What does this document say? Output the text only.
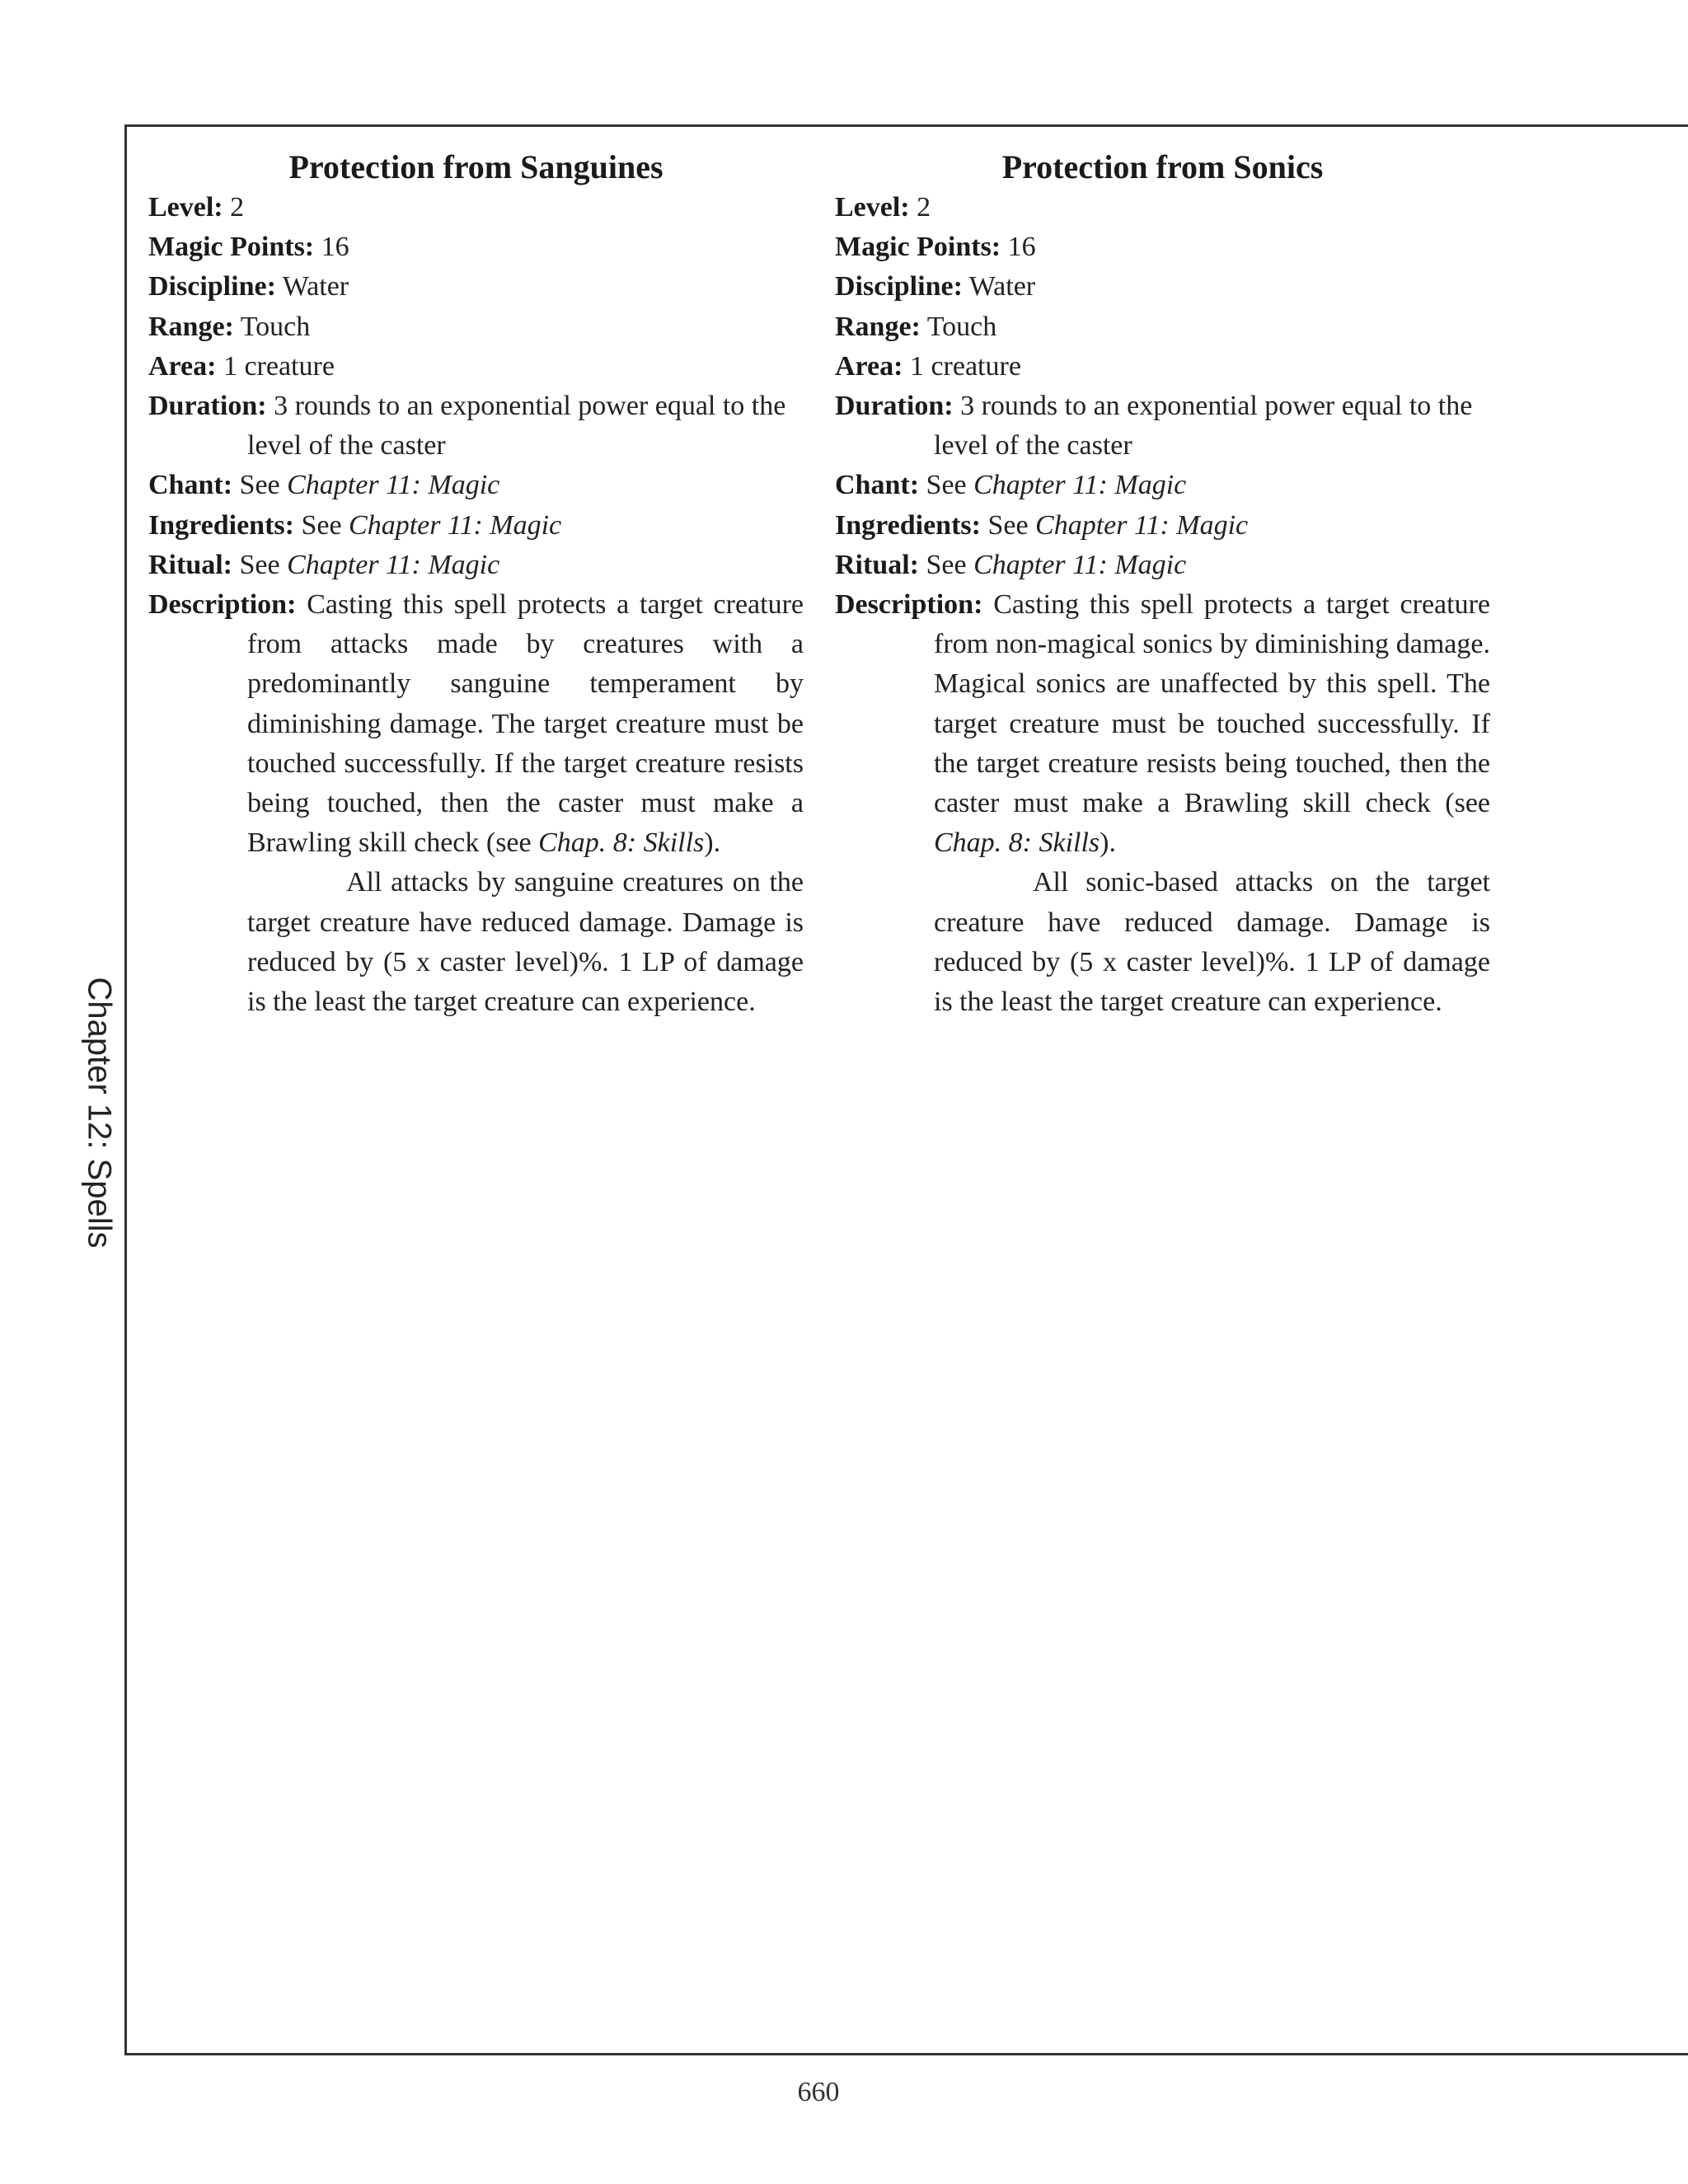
Chapter 12: Spells
Protection from Sanguines

Level: 2

Magic Points: 16

Discipline: Water

Range: Touch

Area: 1 creature

Duration: 3 rounds to an exponential power equal to the level of the caster

Chant: See Chapter 11: Magic

Ingredients: See Chapter 11: Magic

Ritual: See Chapter 11: Magic

Description: Casting this spell protects a target creature from attacks made by creatures with a predominantly sanguine temperament by diminishing damage. The target creature must be touched successfully. If the target creature resists being touched, then the caster must make a Brawling skill check (see Chap. 8: Skills).

All attacks by sanguine creatures on the target creature have reduced damage. Damage is reduced by (5 x caster level)%. 1 LP of damage is the least the target creature can experience.

Protection from Sonics

Level: 2

Magic Points: 16

Discipline: Water

Range: Touch

Area: 1 creature

Duration: 3 rounds to an exponential power equal to the level of the caster

Chant: See Chapter 11: Magic

Ingredients: See Chapter 11: Magic

Ritual: See Chapter 11: Magic

Description: Casting this spell protects a target creature from non-magical sonics by diminishing damage. Magical sonics are unaffected by this spell. The target creature must be touched successfully. If the target creature resists being touched, then the caster must make a Brawling skill check (see Chap. 8: Skills).

All sonic-based attacks on the target creature have reduced damage. Damage is reduced by (5 x caster level)%. 1 LP of damage is the least the target creature can experience.

660
